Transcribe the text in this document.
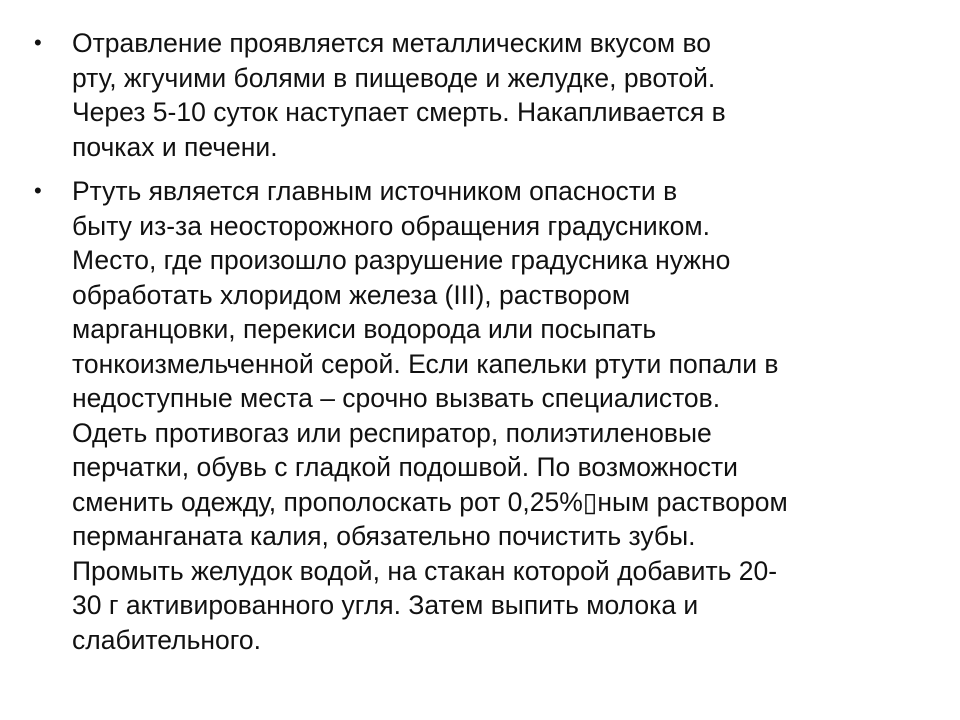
• Отравление проявляется металлическим вкусом во
рту, жгучими болями в пищеводе и желудке, рвотой.
Через 5-10 суток наступает смерть. Накапливается в
почках и печени.
• Ртуть является главным источником опасности в
быту из-за неосторожного обращения градусником.
Место, где произошло разрушение градусника нужно
обработать хлоридом железа (III), раствором
марганцовки, перекиси водорода или посыпать
тонкоизмельченной серой. Если капельки ртути попали в
недоступные места – срочно вызвать специалистов.
Одеть противогаз или респиратор, полиэтиленовые
перчатки, обувь с гладкой подошвой. По возможности
сменить одежду, прополоскать рот 0,25%▯ным раствором
перманганата калия, обязательно почистить зубы.
Промыть желудок водой, на стакан которой добавить 20-
30 г активированного угля. Затем выпить молока и
слабительного.
